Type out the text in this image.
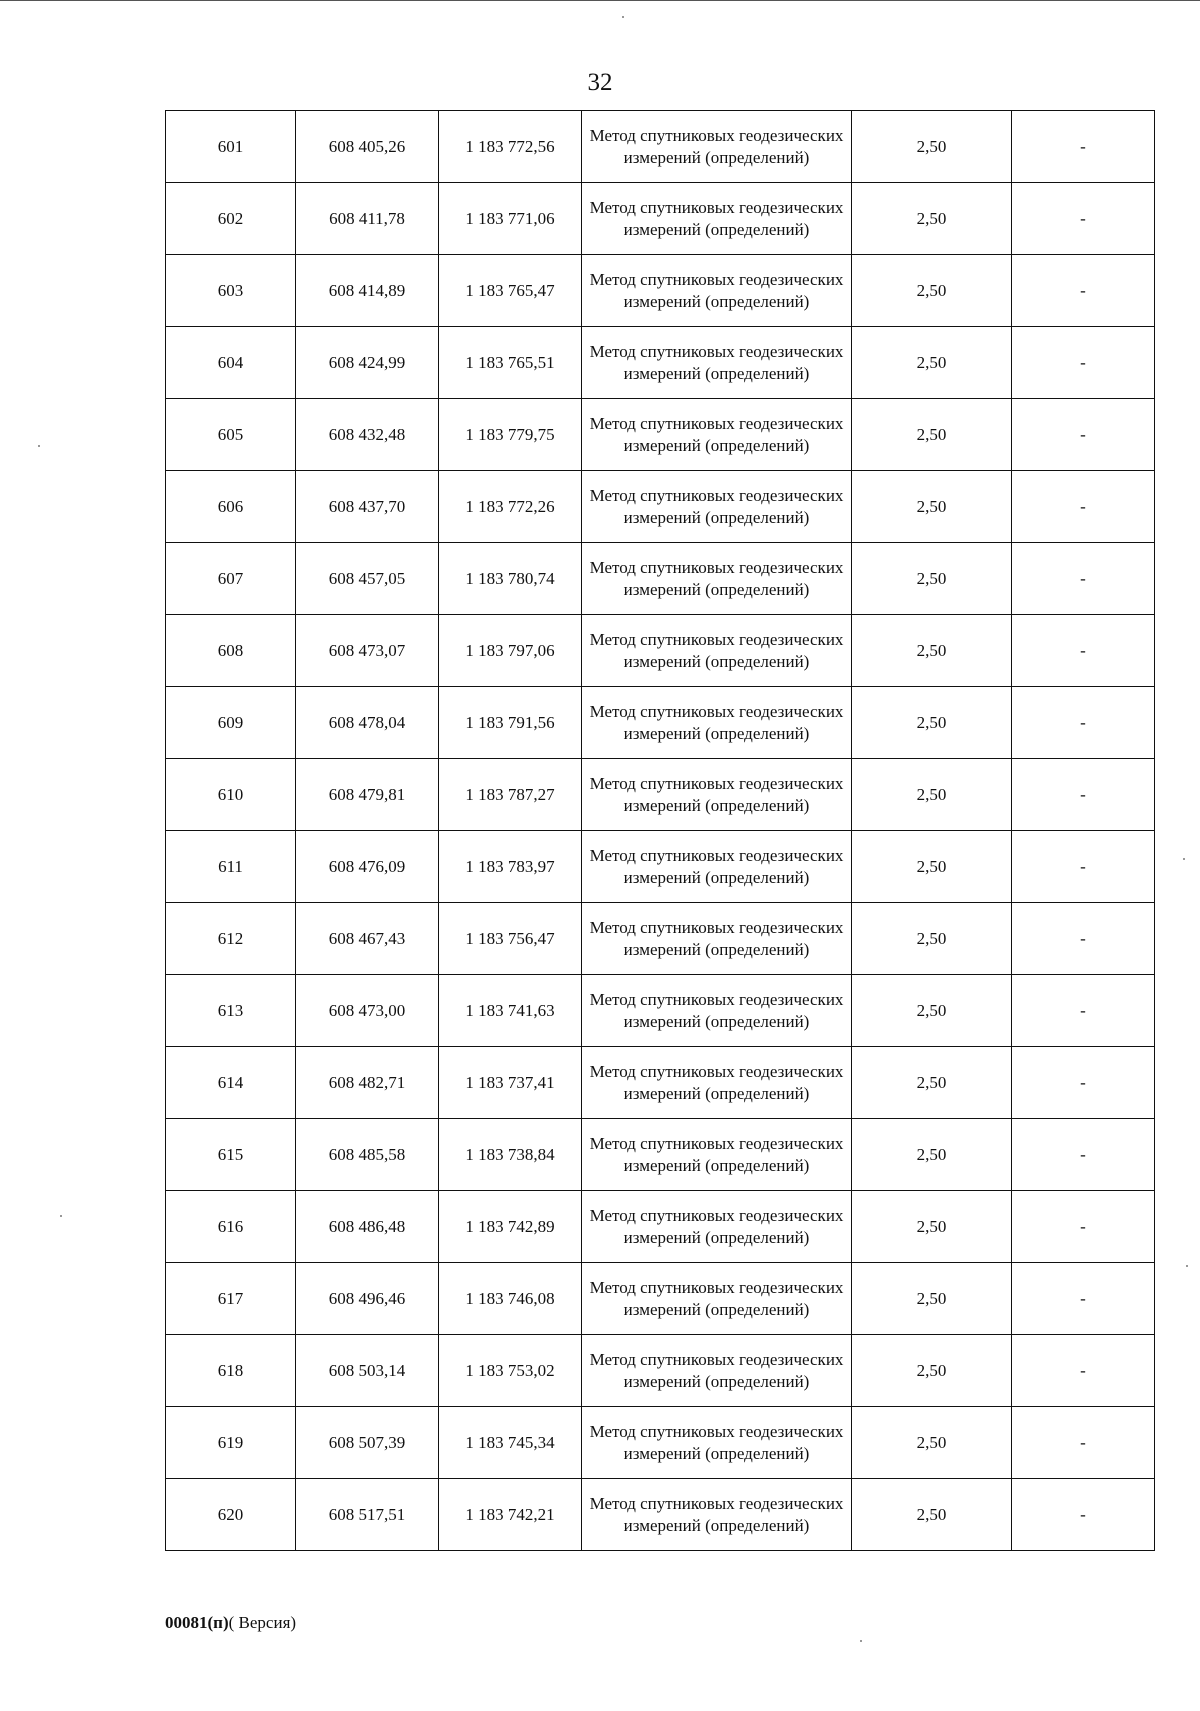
32
601	608 405,26	1 183 772,56	Метод спутниковых геодезических измерений (определений)	2,50	-
602	608 411,78	1 183 771,06	Метод спутниковых геодезических измерений (определений)	2,50	-
603	608 414,89	1 183 765,47	Метод спутниковых геодезических измерений (определений)	2,50	-
604	608 424,99	1 183 765,51	Метод спутниковых геодезических измерений (определений)	2,50	-
605	608 432,48	1 183 779,75	Метод спутниковых геодезических измерений (определений)	2,50	-
606	608 437,70	1 183 772,26	Метод спутниковых геодезических измерений (определений)	2,50	-
607	608 457,05	1 183 780,74	Метод спутниковых геодезических измерений (определений)	2,50	-
608	608 473,07	1 183 797,06	Метод спутниковых геодезических измерений (определений)	2,50	-
609	608 478,04	1 183 791,56	Метод спутниковых геодезических измерений (определений)	2,50	-
610	608 479,81	1 183 787,27	Метод спутниковых геодезических измерений (определений)	2,50	-
611	608 476,09	1 183 783,97	Метод спутниковых геодезических измерений (определений)	2,50	-
612	608 467,43	1 183 756,47	Метод спутниковых геодезических измерений (определений)	2,50	-
613	608 473,00	1 183 741,63	Метод спутниковых геодезических измерений (определений)	2,50	-
614	608 482,71	1 183 737,41	Метод спутниковых геодезических измерений (определений)	2,50	-
615	608 485,58	1 183 738,84	Метод спутниковых геодезических измерений (определений)	2,50	-
616	608 486,48	1 183 742,89	Метод спутниковых геодезических измерений (определений)	2,50	-
617	608 496,46	1 183 746,08	Метод спутниковых геодезических измерений (определений)	2,50	-
618	608 503,14	1 183 753,02	Метод спутниковых геодезических измерений (определений)	2,50	-
619	608 507,39	1 183 745,34	Метод спутниковых геодезических измерений (определений)	2,50	-
620	608 517,51	1 183 742,21	Метод спутниковых геодезических измерений (определений)	2,50	-
00081(п)( Версия)
